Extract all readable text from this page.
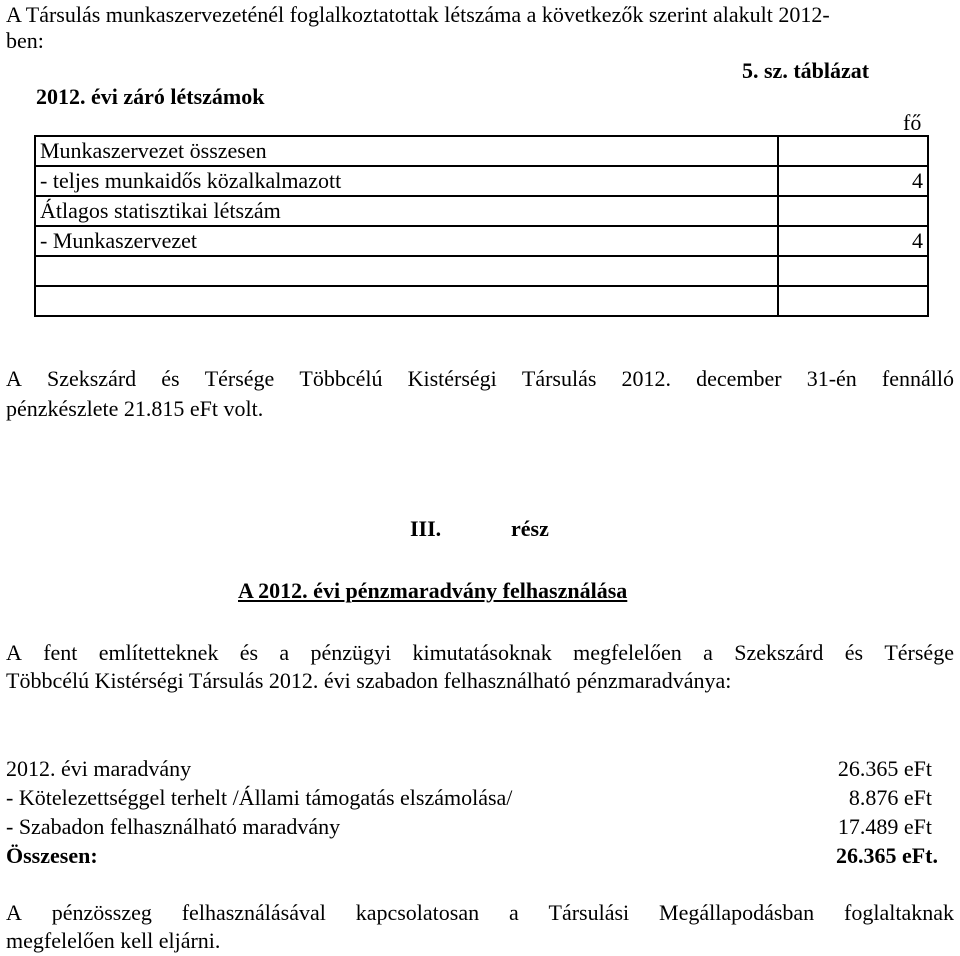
A Társulás munkaszervezeténél foglalkoztatottak létszáma a következők szerint alakult 2012-
ben:
5. sz. táblázat
2012. évi záró létszámok
fő
Munkaszervezet összesen	
- teljes munkaidős közalkalmazott	4
Átlagos statisztikai létszám	
- Munkaszervezet	4

A Szekszárd és Térsége Többcélú Kistérségi Társulás 2012. december 31-én fennálló
pénzkészlete 21.815 eFt volt.
III.	rész
A 2012. évi pénzmaradvány felhasználása
A fent említetteknek és a pénzügyi kimutatásoknak megfelelően a Szekszárd és Térsége
Többcélú Kistérségi Társulás 2012. évi szabadon felhasználható pénzmaradványa:
2012. évi maradvány	26.365 eFt
- Kötelezettséggel terhelt /Állami támogatás elszámolása/	8.876 eFt
- Szabadon felhasználható maradvány	17.489 eFt
Összesen:	26.365 eFt.
A pénzösszeg felhasználásával kapcsolatosan a Társulási Megállapodásban foglaltaknak
megfelelően kell eljárni.
